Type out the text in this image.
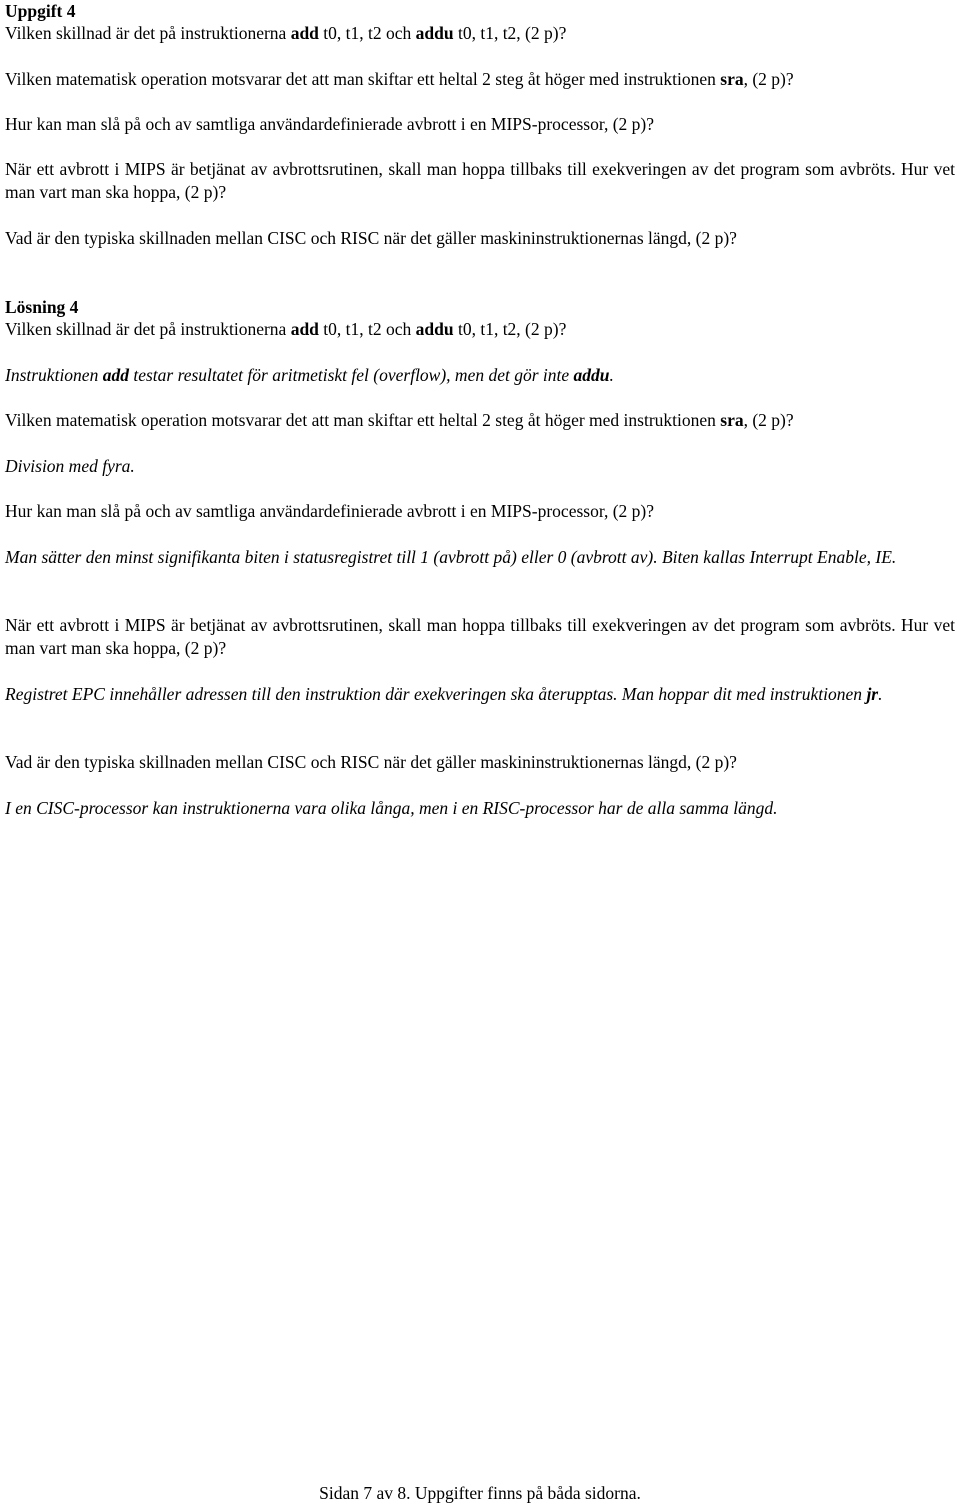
Uppgift 4

Vilken skillnad är det på instruktionerna add t0, t1, t2 och addu t0, t1, t2, (2 p)?

Vilken matematisk operation motsvarar det att man skiftar ett heltal 2 steg åt höger med instruktionen sra, (2 p)?

Hur kan man slå på och av samtliga användardefinierade avbrott i en MIPS-processor, (2 p)?

När ett avbrott i MIPS är betjänat av avbrottsrutinen, skall man hoppa tillbaks till exekveringen av det program som avbröts. Hur vet man vart man ska hoppa, (2 p)?

Vad är den typiska skillnaden mellan CISC och RISC när det gäller maskininstruktionernas längd, (2 p)?

Lösning 4

Vilken skillnad är det på instruktionerna add t0, t1, t2 och addu t0, t1, t2, (2 p)?

Instruktionen add testar resultatet för aritmetiskt fel (overflow), men det gör inte addu.

Vilken matematisk operation motsvarar det att man skiftar ett heltal 2 steg åt höger med instruktionen sra, (2 p)?

Division med fyra.

Hur kan man slå på och av samtliga användardefinierade avbrott i en MIPS-processor, (2 p)?

Man sätter den minst signifikanta biten i statusregistret till 1 (avbrott på) eller 0 (avbrott av). Biten kallas Interrupt Enable, IE.

När ett avbrott i MIPS är betjänat av avbrottsrutinen, skall man hoppa tillbaks till exekveringen av det program som avbröts. Hur vet man vart man ska hoppa, (2 p)?

Registret EPC innehåller adressen till den instruktion där exekveringen ska återupptas. Man hoppar dit med instruktionen jr.

Vad är den typiska skillnaden mellan CISC och RISC när det gäller maskininstruktionernas längd, (2 p)?

I en CISC-processor kan instruktionerna vara olika långa, men i en RISC-processor har de alla samma längd.

Sidan 7 av 8. Uppgifter finns på båda sidorna.
